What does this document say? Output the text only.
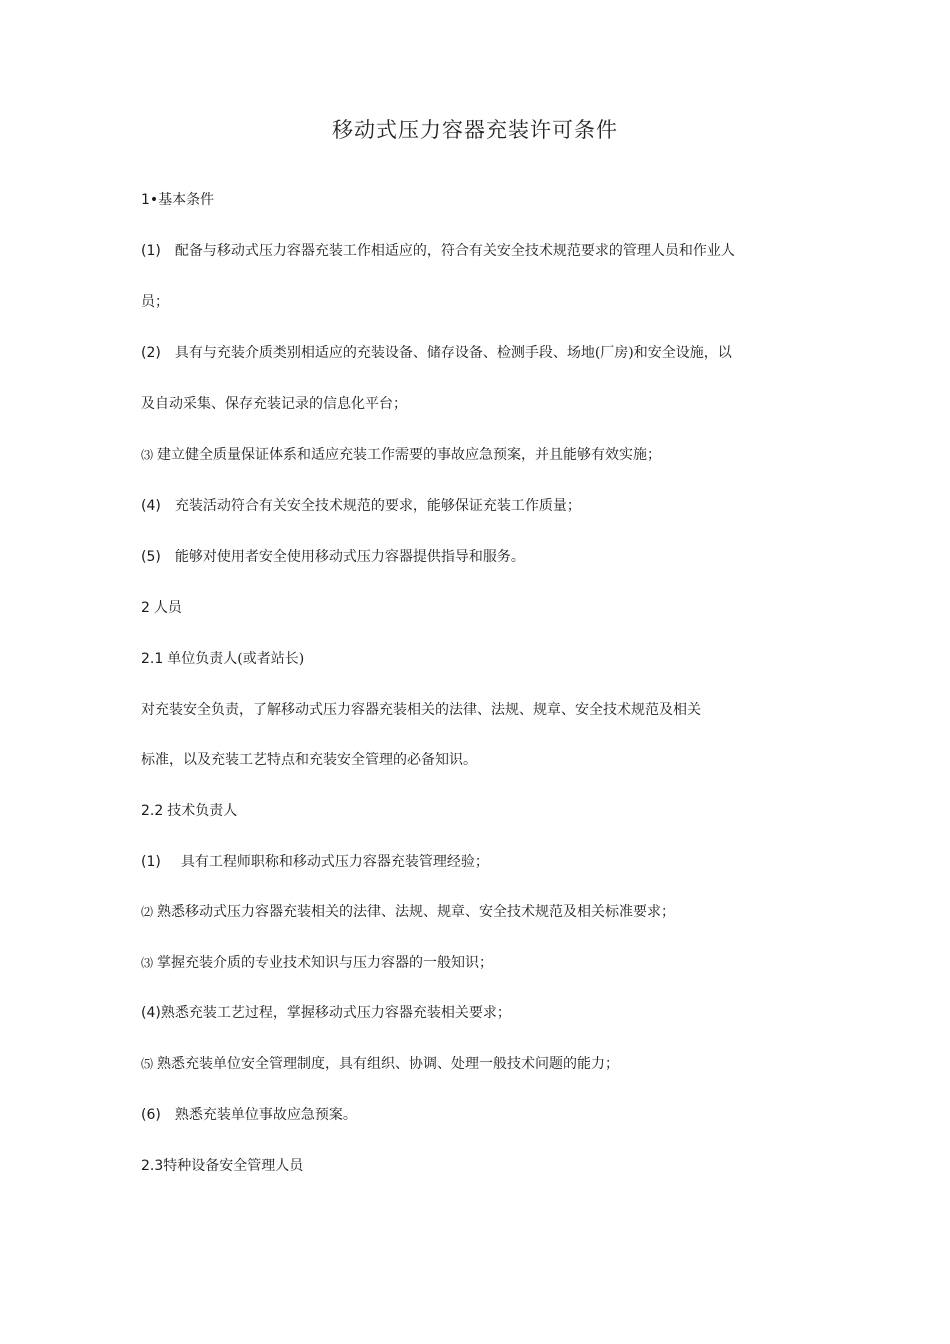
移动式压力容器充装许可条件
1•基本条件
(1) 配备与移动式压力容器充装工作相适应的，符合有关安全技术规范要求的管理人员和作业人
员；
(2) 具有与充装介质类别相适应的充装设备、储存设备、检测手段、场地(厂房)和安全设施，以
及自动采集、保存充装记录的信息化平台；
⑶ 建立健全质量保证体系和适应充装工作需要的事故应急预案，并且能够有效实施；
(4) 充装活动符合有关安全技术规范的要求，能够保证充装工作质量；
(5) 能够对使用者安全使用移动式压力容器提供指导和服务。
2 人员
2.1 单位负责人(或者站长)
对充装安全负责，了解移动式压力容器充装相关的法律、法规、规章、安全技术规范及相关
标准，以及充装工艺特点和充装安全管理的必备知识。
2.2 技术负责人
(1) 具有工程师职称和移动式压力容器充装管理经验；
⑵ 熟悉移动式压力容器充装相关的法律、法规、规章、安全技术规范及相关标准要求；
⑶ 掌握充装介质的专业技术知识与压力容器的一般知识；
(4)熟悉充装工艺过程，掌握移动式压力容器充装相关要求；
⑸ 熟悉充装单位安全管理制度，具有组织、协调、处理一般技术问题的能力；
(6) 熟悉充装单位事故应急预案。
2.3特种设备安全管理人员
